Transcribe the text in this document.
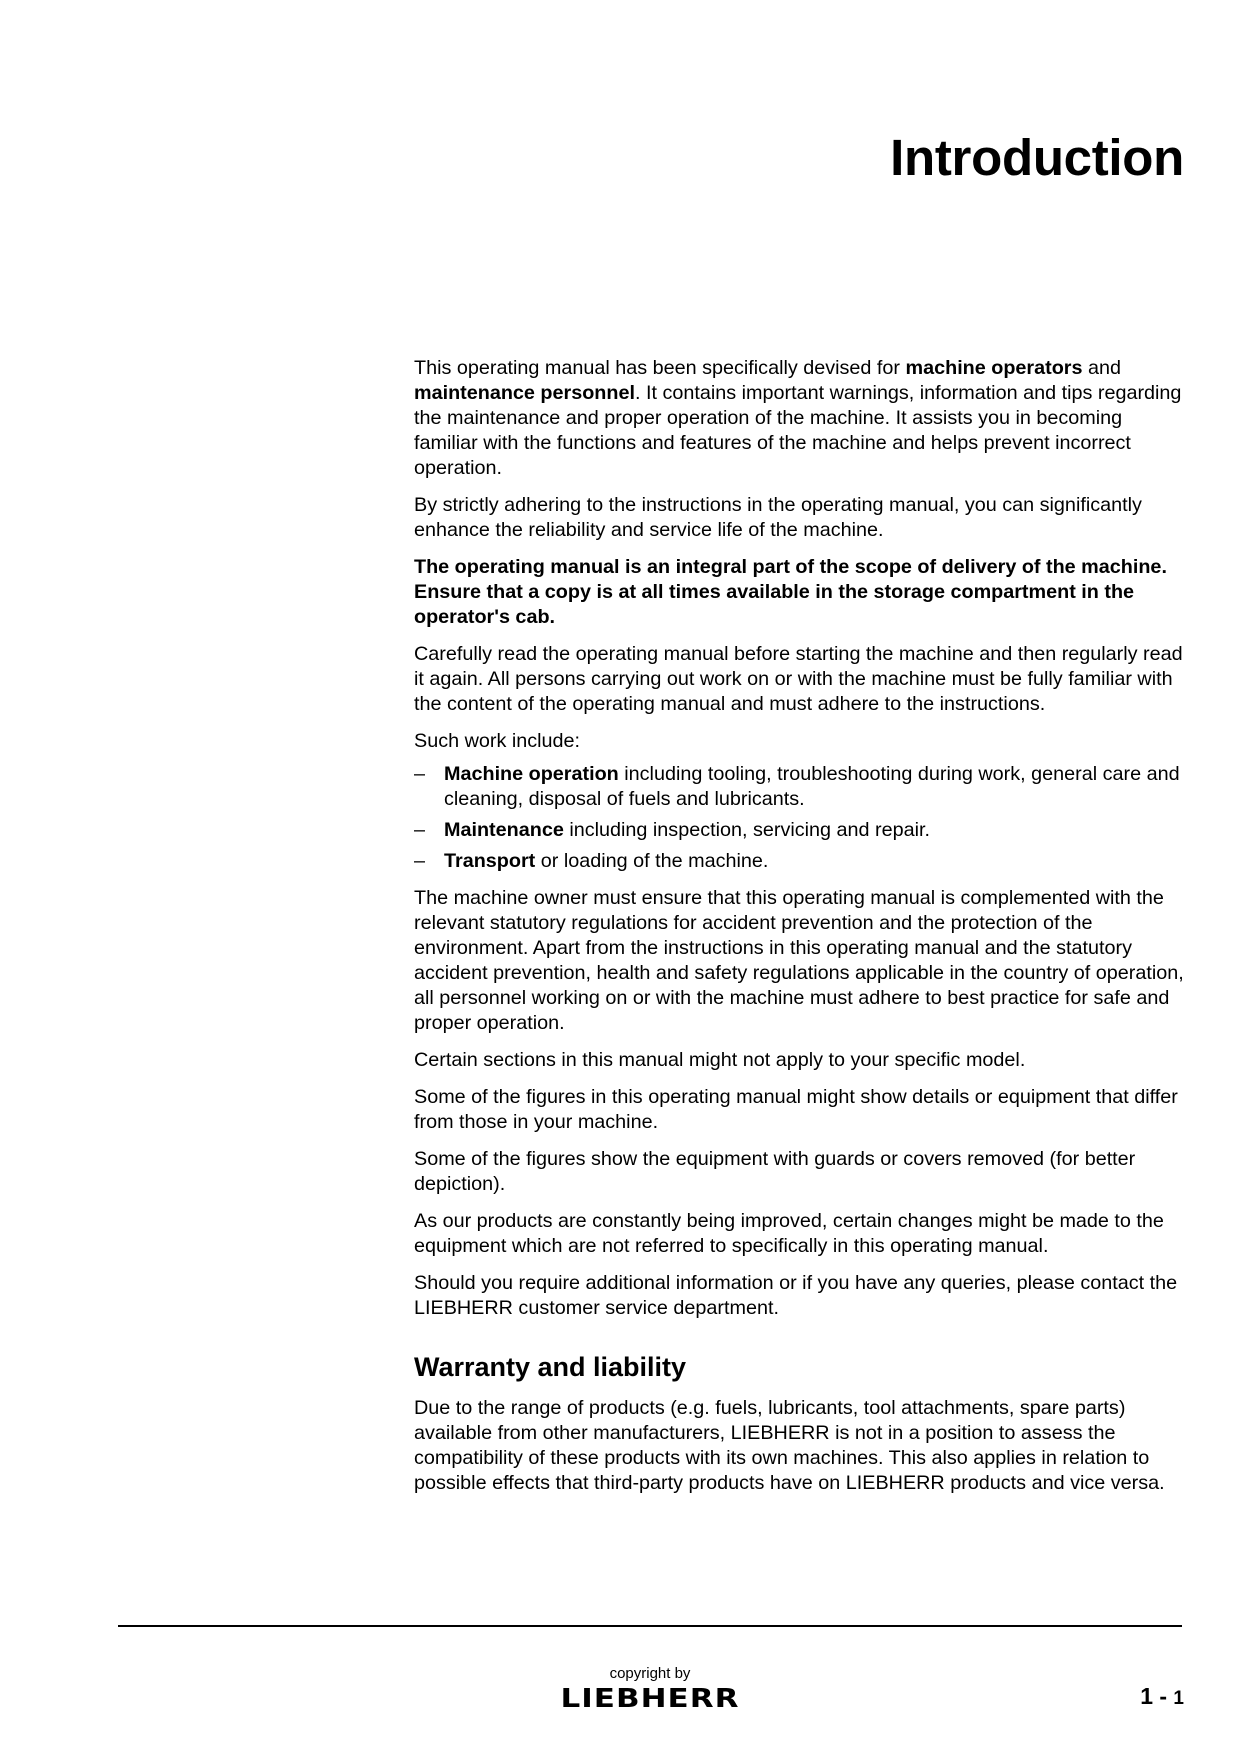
Introduction

This operating manual has been specifically devised for machine operators and maintenance personnel. It contains important warnings, information and tips regarding the maintenance and proper operation of the machine. It assists you in becoming familiar with the functions and features of the machine and helps prevent incorrect operation.

By strictly adhering to the instructions in the operating manual, you can significantly enhance the reliability and service life of the machine.

The operating manual is an integral part of the scope of delivery of the machine. Ensure that a copy is at all times available in the storage compartment in the operator's cab.

Carefully read the operating manual before starting the machine and then regularly read it again. All persons carrying out work on or with the machine must be fully familiar with the content of the operating manual and must adhere to the instructions.

Such work include:

– Machine operation including tooling, troubleshooting during work, general care and cleaning, disposal of fuels and lubricants.
– Maintenance including inspection, servicing and repair.
– Transport or loading of the machine.

The machine owner must ensure that this operating manual is complemented with the relevant statutory regulations for accident prevention and the protection of the environment. Apart from the instructions in this operating manual and the statutory accident prevention, health and safety regulations applicable in the country of operation, all personnel working on or with the machine must adhere to best practice for safe and proper operation.

Certain sections in this manual might not apply to your specific model.

Some of the figures in this operating manual might show details or equipment that differ from those in your machine.

Some of the figures show the equipment with guards or covers removed (for better depiction).

As our products are constantly being improved, certain changes might be made to the equipment which are not referred to specifically in this operating manual.

Should you require additional information or if you have any queries, please contact the LIEBHERR customer service department.

Warranty and liability

Due to the range of products (e.g. fuels, lubricants, tool attachments, spare parts) available from other manufacturers, LIEBHERR is not in a position to assess the compatibility of these products with its own machines. This also applies in relation to possible effects that third-party products have on LIEBHERR products and vice versa.

copyright by
LIEBHERR	1 - 1
